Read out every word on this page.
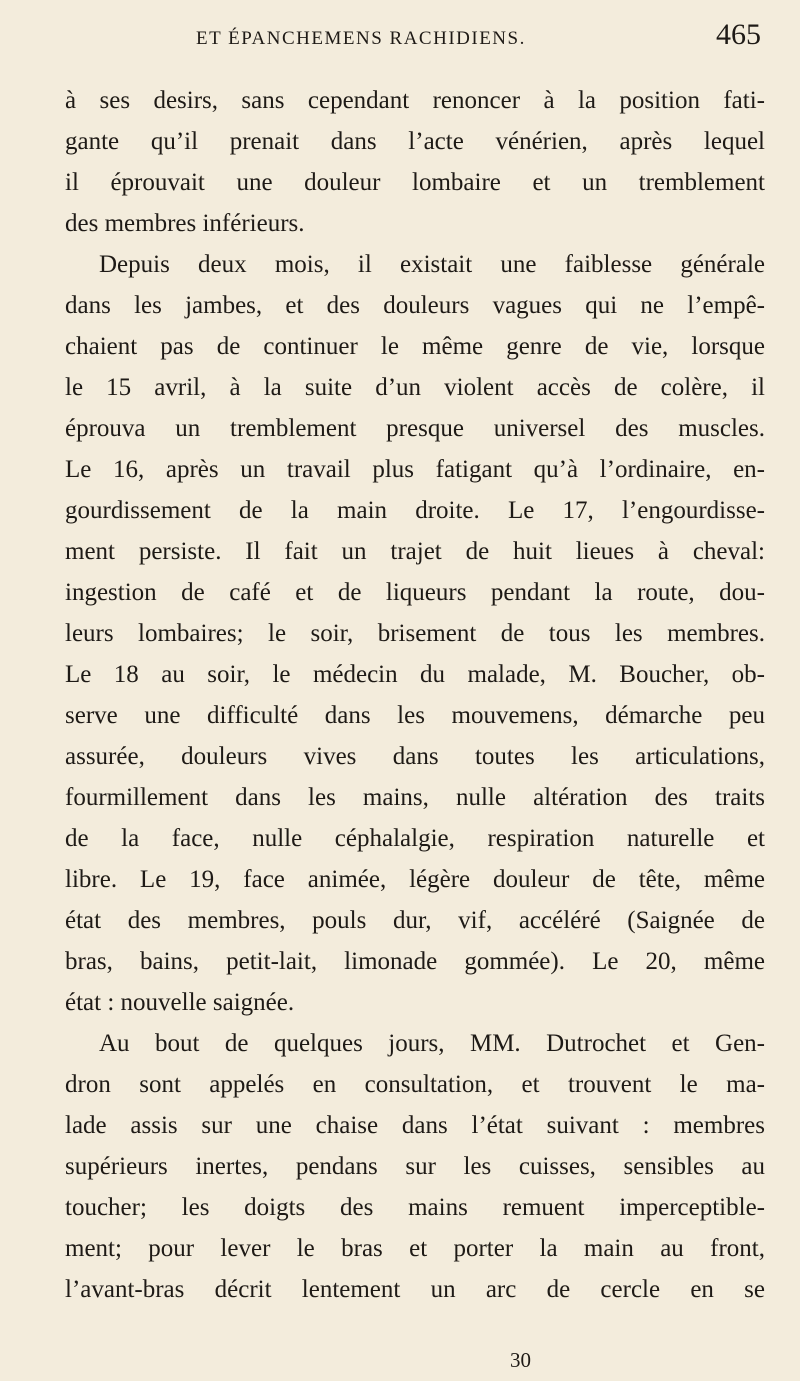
ET ÉPANCHEMENS RACHIDIENS.	465
à ses desirs, sans cependant renoncer à la position fati-
gante qu’il prenait dans l’acte vénérien, après lequel
il éprouvait une douleur lombaire et un tremblement
des membres inférieurs.
Depuis deux mois, il existait une faiblesse générale
dans les jambes, et des douleurs vagues qui ne l’empê-
chaient pas de continuer le même genre de vie, lorsque
le 15 avril, à la suite d’un violent accès de colère, il
éprouva un tremblement presque universel des muscles.
Le 16, après un travail plus fatigant qu’à l’ordinaire, en-
gourdissement de la main droite. Le 17, l’engourdisse-
ment persiste. Il fait un trajet de huit lieues à cheval:
ingestion de café et de liqueurs pendant la route, dou-
leurs lombaires; le soir, brisement de tous les membres.
Le 18 au soir, le médecin du malade, M. Boucher, ob-
serve une difficulté dans les mouvemens, démarche peu
assurée, douleurs vives dans toutes les articulations,
fourmillement dans les mains, nulle altération des traits
de la face, nulle céphalalgie, respiration naturelle et
libre. Le 19, face animée, légère douleur de tête, même
état des membres, pouls dur, vif, accéléré (Saignée de
bras, bains, petit-lait, limonade gommée). Le 20, même
état : nouvelle saignée.
Au bout de quelques jours, MM. Dutrochet et Gen-
dron sont appelés en consultation, et trouvent le ma-
lade assis sur une chaise dans l’état suivant : membres
supérieurs inertes, pendans sur les cuisses, sensibles au
toucher; les doigts des mains remuent imperceptible-
ment; pour lever le bras et porter la main au front,
l’avant-bras décrit lentement un arc de cercle en se
30
